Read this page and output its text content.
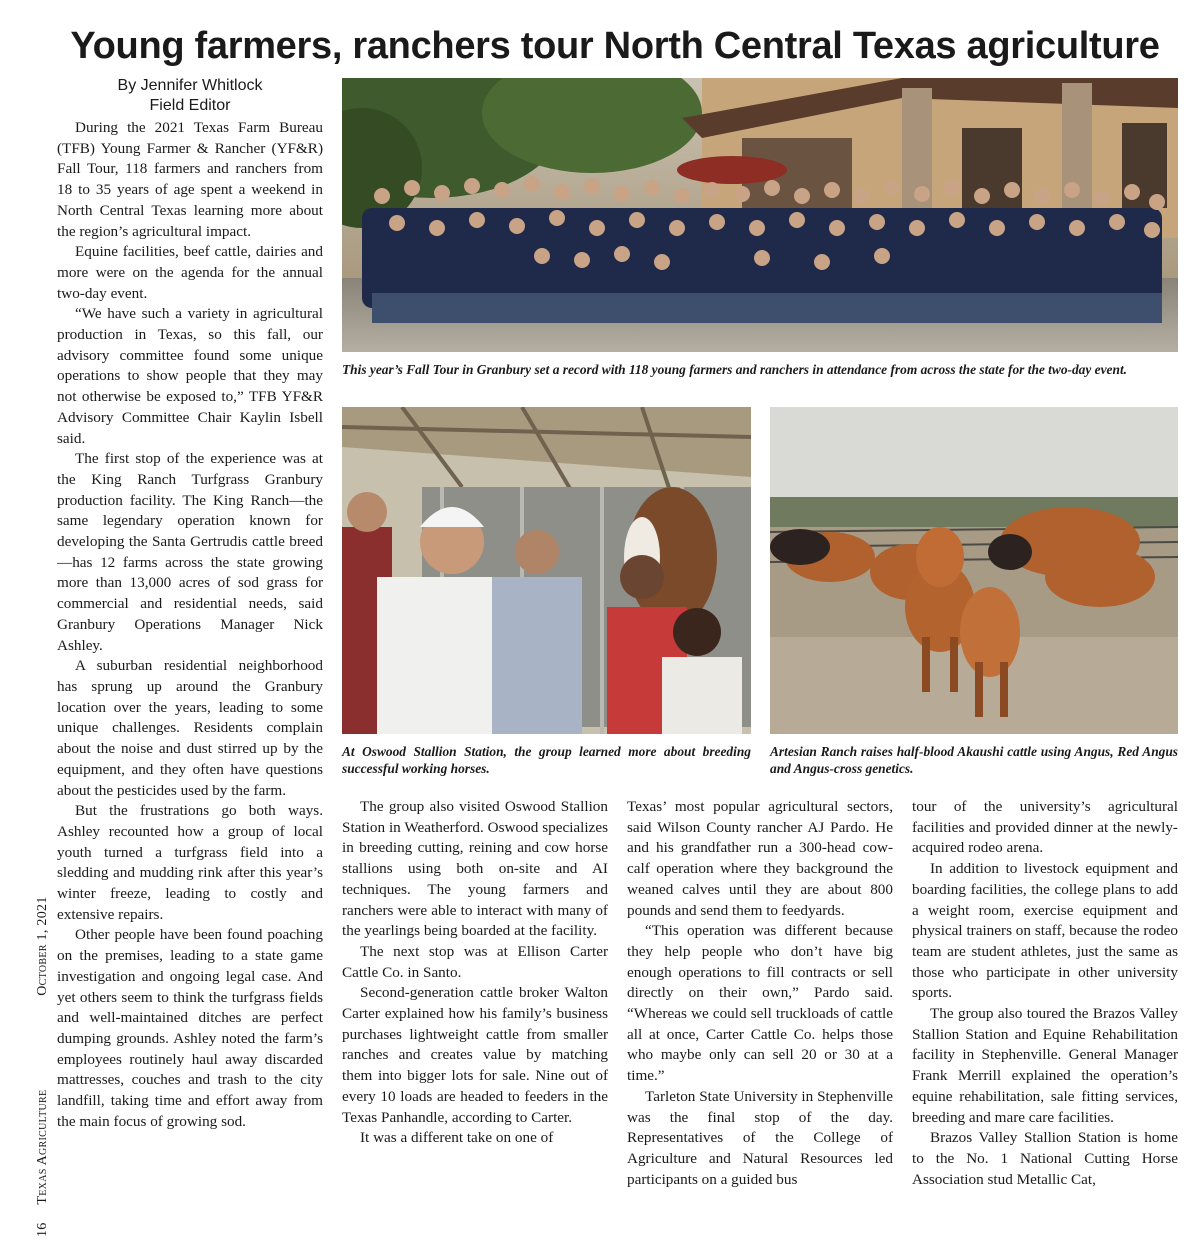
Young farmers, ranchers tour North Central Texas agriculture
By Jennifer Whitlock
Field Editor

During the 2021 Texas Farm Bureau (TFB) Young Farmer & Rancher (YF&R) Fall Tour, 118 farmers and ranchers from 18 to 35 years of age spent a weekend in North Central Texas learning more about the region’s agricultural impact.

Equine facilities, beef cattle, dairies and more were on the agenda for the annual two-day event.

“We have such a variety in agricultural production in Texas, so this fall, our advisory committee found some unique operations to show people that they may not otherwise be exposed to,” TFB YF&R Advisory Committee Chair Kaylin Isbell said.

The first stop of the experience was at the King Ranch Turfgrass Granbury production facility. The King Ranch—the same legendary operation known for developing the Santa Gertrudis cattle breed—has 12 farms across the state growing more than 13,000 acres of sod grass for commercial and residential needs, said Granbury Operations Manager Nick Ashley.

A suburban residential neighborhood has sprung up around the Granbury location over the years, leading to some unique challenges. Residents complain about the noise and dust stirred up by the equipment, and they often have questions about the pesticides used by the farm.

But the frustrations go both ways. Ashley recounted how a group of local youth turned a turfgrass field into a sledding and mudding rink after this year’s winter freeze, leading to costly and extensive repairs.

Other people have been found poaching on the premises, leading to a state game investigation and ongoing legal case. And yet others seem to think the turfgrass fields and well-maintained ditches are perfect dumping grounds. Ashley noted the farm’s employees routinely haul away discarded mattresses, couches and trash to the city landfill, taking time and effort away from the main focus of growing sod.

This year’s Fall Tour in Granbury set a record with 118 young farmers and ranchers in attendance from across the state for the two-day event.
At Oswood Stallion Station, the group learned more about breeding successful working horses.
Artesian Ranch raises half-blood Akaushi cattle using Angus, Red Angus and Angus-cross genetics.

The group also visited Oswood Stallion Station in Weatherford. Oswood specializes in breeding cutting, reining and cow horse stallions using both on-site and AI techniques. The young farmers and ranchers were able to interact with many of the yearlings being boarded at the facility.

The next stop was at Ellison Carter Cattle Co. in Santo.

Second-generation cattle broker Walton Carter explained how his family’s business purchases lightweight cattle from smaller ranches and creates value by matching them into bigger lots for sale. Nine out of every 10 loads are headed to feeders in the Texas Panhandle, according to Carter.

It was a different take on one of

Texas’ most popular agricultural sectors, said Wilson County rancher AJ Pardo. He and his grandfather run a 300-head cow-calf operation where they background the weaned calves until they are about 800 pounds and send them to feedyards.

“This operation was different because they help people who don’t have big enough operations to fill contracts or sell directly on their own,” Pardo said. “Whereas we could sell truckloads of cattle all at once, Carter Cattle Co. helps those who maybe only can sell 20 or 30 at a time.”

Tarleton State University in Stephenville was the final stop of the day. Representatives of the College of Agriculture and Natural Resources led participants on a guided bus

tour of the university’s agricultural facilities and provided dinner at the newly-acquired rodeo arena.

In addition to livestock equipment and boarding facilities, the college plans to add a weight room, exercise equipment and physical trainers on staff, because the rodeo team are student athletes, just the same as those who participate in other university sports.

The group also toured the Brazos Valley Stallion Station and Equine Rehabilitation facility in Stephenville. General Manager Frank Merrill explained the operation’s equine rehabilitation, sale fitting services, breeding and mare care facilities.

Brazos Valley Stallion Station is home to the No. 1 National Cutting Horse Association stud Metallic Cat,

16 Texas Agriculture October 1, 2021
